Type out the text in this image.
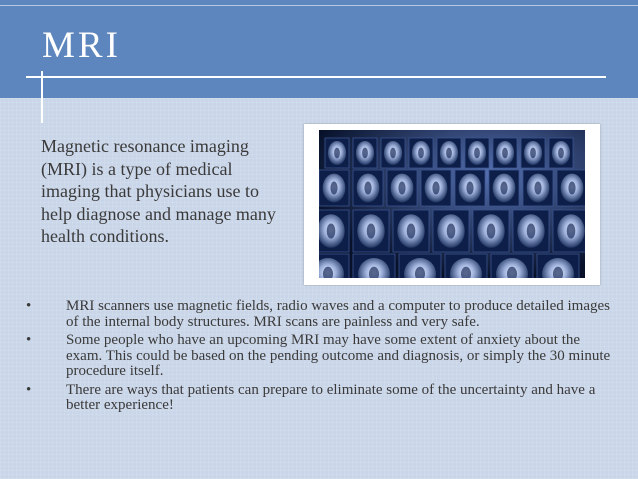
MRI
Magnetic resonance imaging (MRI) is a type of medical imaging that physicians use to help diagnose and manage many health conditions.
•	MRI scanners use magnetic fields, radio waves and a computer to produce detailed images of the internal body structures. MRI scans are painless and very safe.
•	Some people who have an upcoming MRI may have some extent of anxiety about the exam. This could be based on the pending outcome and diagnosis, or simply the 30 minute procedure itself.
•	There are ways that patients can prepare to eliminate some of the uncertainty and have a better experience!
